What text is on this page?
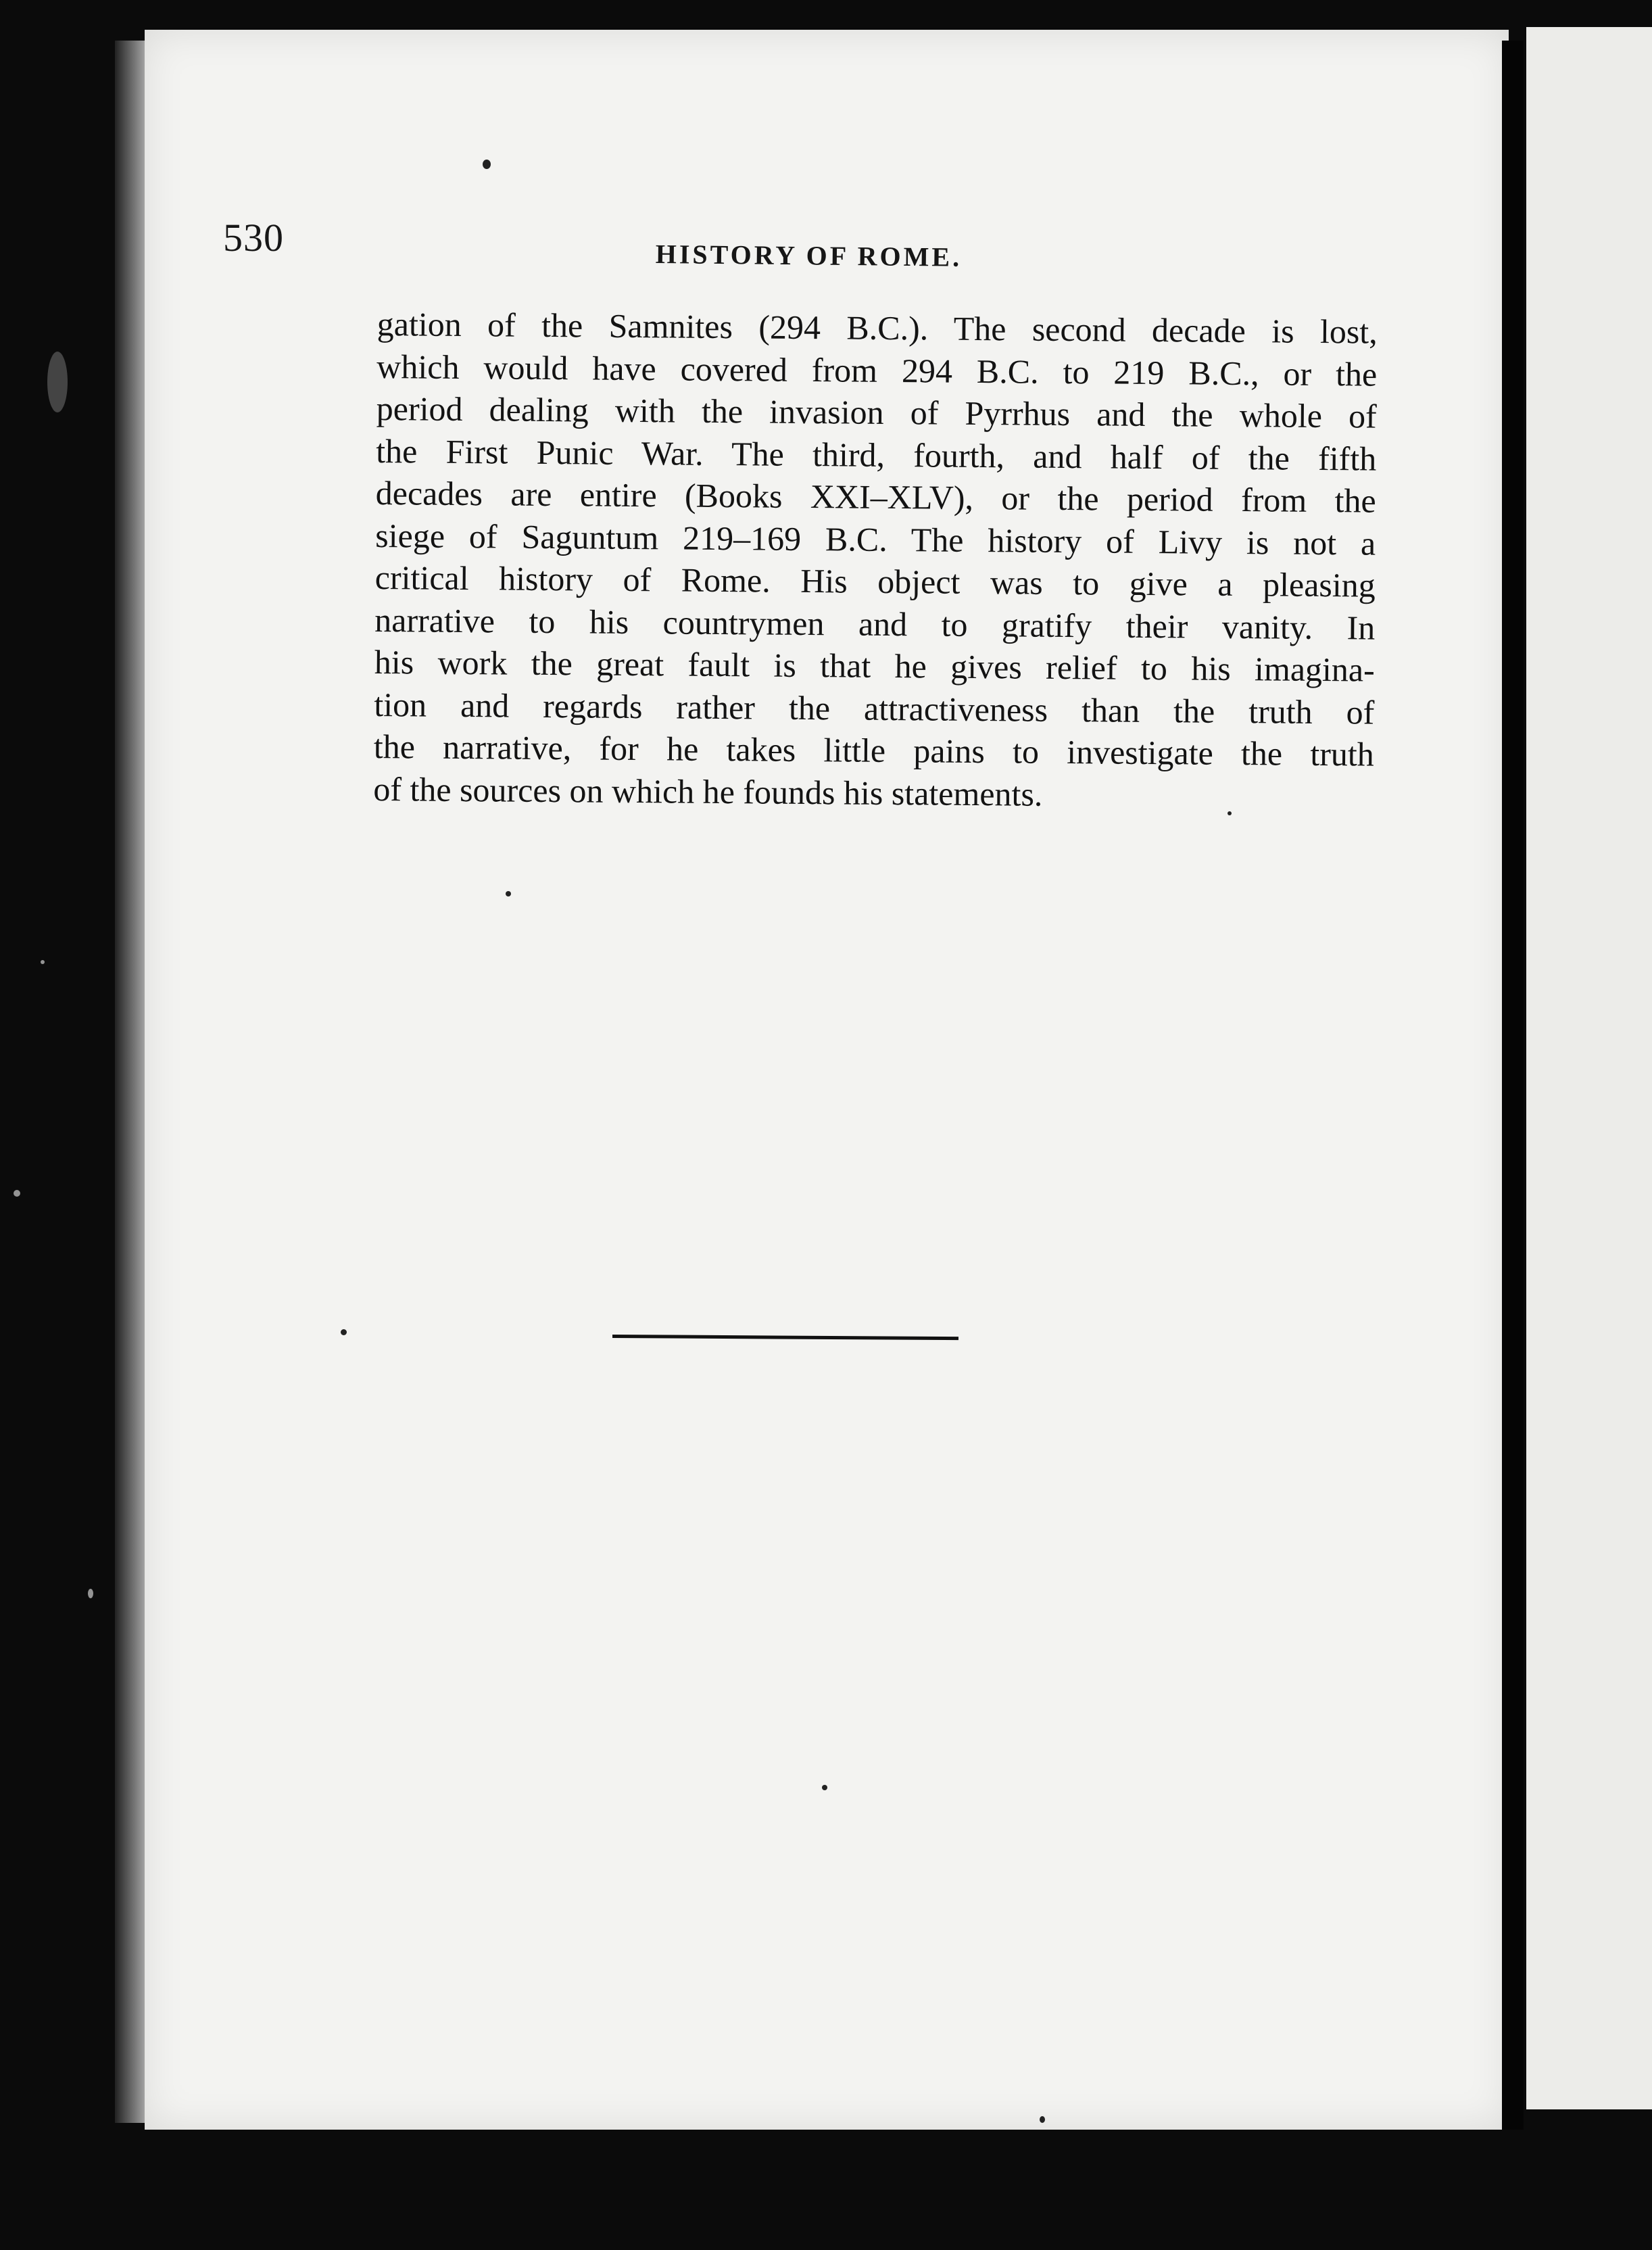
530	HISTORY OF ROME.
gation of the Samnites (294 B.C.). The second decade is lost,
which would have covered from 294 B.C. to 219 B.C., or the
period dealing with the invasion of Pyrrhus and the whole of
the First Punic War. The third, fourth, and half of the fifth
decades are entire (Books XXI–XLV), or the period from the
siege of Saguntum 219–169 B.C. The history of Livy is not a
critical history of Rome. His object was to give a pleasing
narrative to his countrymen and to gratify their vanity. In
his work the great fault is that he gives relief to his imagina-
tion and regards rather the attractiveness than the truth of
the narrative, for he takes little pains to investigate the truth
of the sources on which he founds his statements.
